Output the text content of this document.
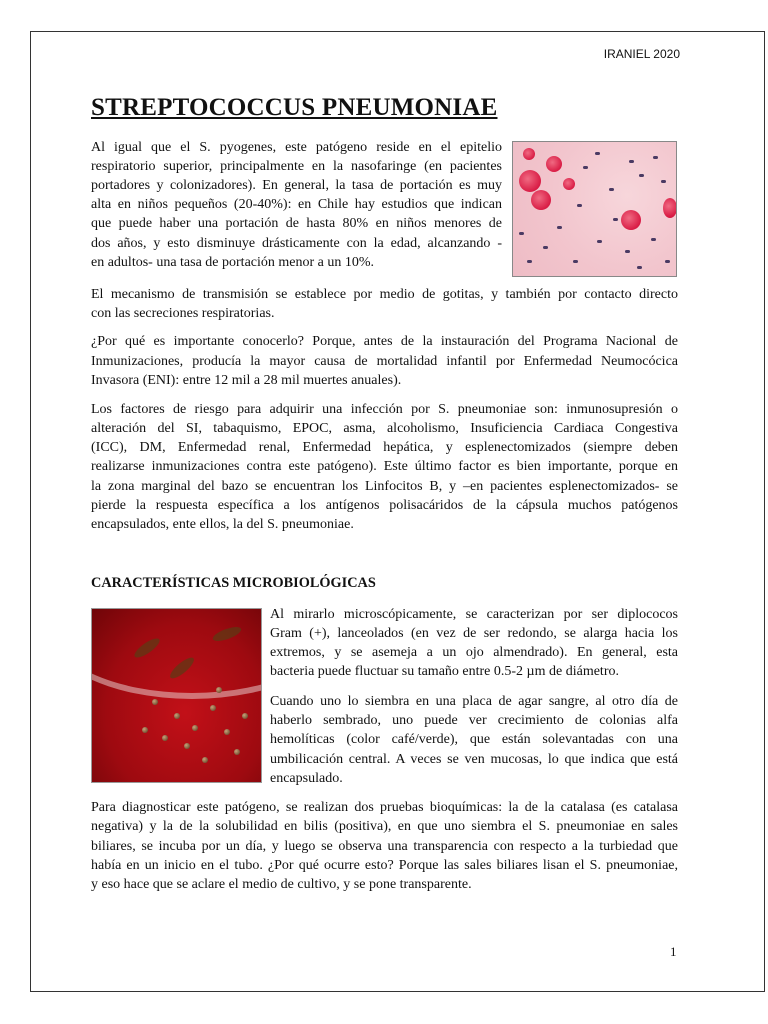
IRANIEL 2020
STREPTOCOCCUS PNEUMONIAE

Al igual que el S. pyogenes, este patógeno reside en el epitelio

respiratorio superior, principalmente en la nasofaringe (en pacientes

portadores y colonizadores). En general, la tasa de portación es muy

alta en niños pequeños (20-40%): en Chile hay estudios que indican

que puede haber una portación de hasta 80% en niños menores de

dos años, y esto disminuye drásticamente con la edad, alcanzando -

en adultos- una tasa de portación menor a un 10%.

El mecanismo de transmisión se establece por medio de gotitas, y también por contacto directo

con las secreciones respiratorias.

¿Por qué es importante conocerlo? Porque, antes de la instauración del Programa Nacional de

Inmunizaciones, producía la mayor causa de mortalidad infantil por Enfermedad Neumocócica

Invasora (ENI): entre 12 mil a 28 mil muertes anuales).

Los factores de riesgo para adquirir una infección por S. pneumoniae son: inmunosupresión o

alteración del SI, tabaquismo, EPOC, asma, alcoholismo, Insuficiencia Cardiaca Congestiva

(ICC), DM, Enfermedad renal, Enfermedad hepática, y esplenectomizados (siempre deben

realizarse inmunizaciones contra este patógeno). Este último factor es bien importante, porque en

la zona marginal del bazo se encuentran los Linfocitos B, y –en pacientes esplenectomizados- se

pierde la respuesta específica a los antígenos polisacáridos de la cápsula muchos patógenos

encapsulados, ente ellos, la del S. pneumoniae.

CARACTERÍSTICAS MICROBIOLÓGICAS

Al mirarlo microscópicamente, se caracterizan por ser diplococos

Gram (+), lanceolados (en vez de ser redondo, se alarga hacia los

extremos, y se asemeja a un ojo almendrado). En general, esta

bacteria puede fluctuar su tamaño entre 0.5-2 µm de diámetro.

Cuando uno lo siembra en una placa de agar sangre, al otro día de

haberlo sembrado, uno puede ver crecimiento de colonias alfa

hemolíticas (color café/verde), que están solevantadas con una

umbilicación central. A veces se ven mucosas, lo que indica que está

encapsulado.

Para diagnosticar este patógeno, se realizan dos pruebas bioquímicas: la de la catalasa (es catalasa

negativa) y la de la solubilidad en bilis (positiva), en que uno siembra el S. pneumoniae en sales

biliares, se incuba por un día, y luego se observa una transparencia con respecto a la turbiedad que

había en un inicio en el tubo. ¿Por qué ocurre esto? Porque las sales biliares lisan el S. pneumoniae,

y eso hace que se aclare el medio de cultivo, y se pone transparente.

1
